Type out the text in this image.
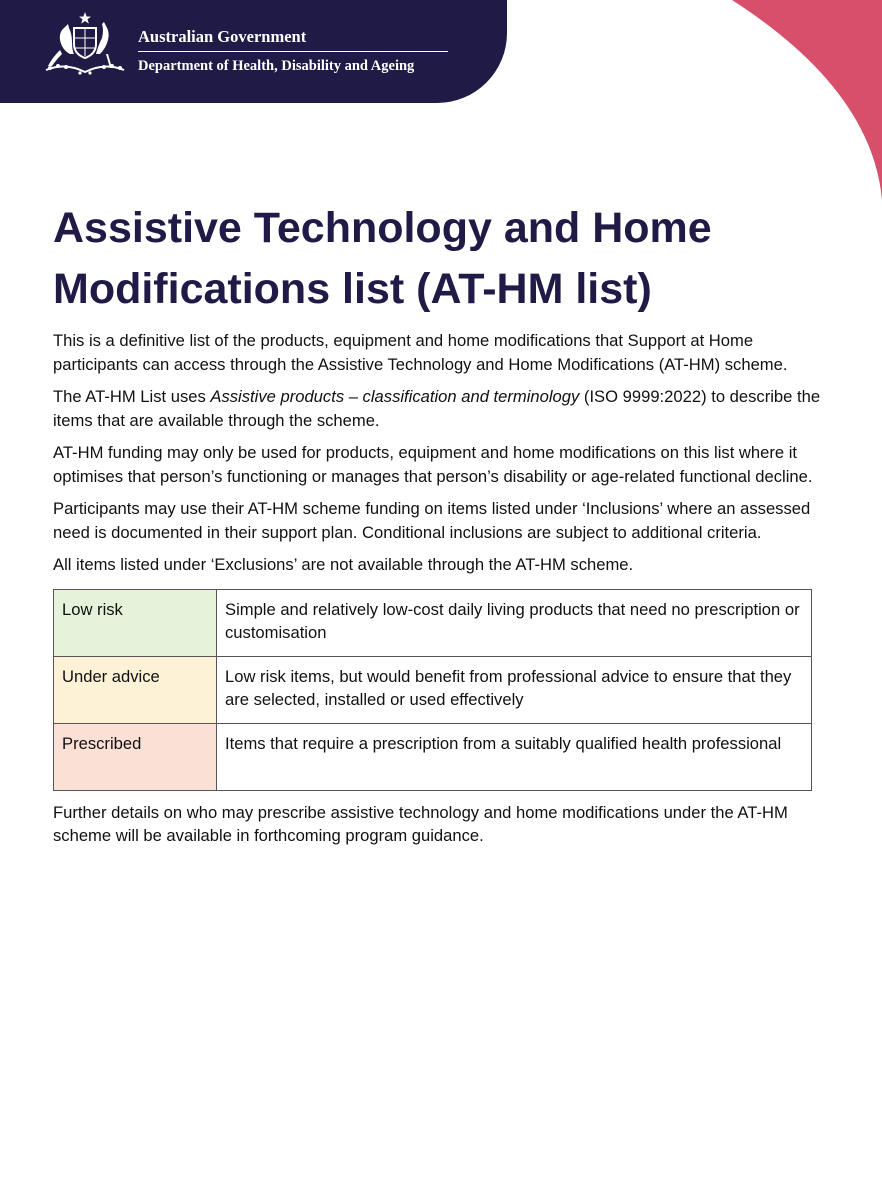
Australian Government
Department of Health, Disability and Ageing
Assistive Technology and Home Modifications list (AT-HM list)

This is a definitive list of the products, equipment and home modifications that Support at Home participants can access through the Assistive Technology and Home Modifications (AT-HM) scheme.

The AT-HM List uses Assistive products – classification and terminology (ISO 9999:2022) to describe the items that are available through the scheme.

AT-HM funding may only be used for products, equipment and home modifications on this list where it optimises that person’s functioning or manages that person’s disability or age-related functional decline.

Participants may use their AT-HM scheme funding on items listed under ‘Inclusions’ where an assessed need is documented in their support plan. Conditional inclusions are subject to additional criteria.

All items listed under ‘Exclusions’ are not available through the AT-HM scheme.

Low risk	Simple and relatively low-cost daily living products that need no prescription or customisation
Under advice	Low risk items, but would benefit from professional advice to ensure that they are selected, installed or used effectively
Prescribed	Items that require a prescription from a suitably qualified health professional

Further details on who may prescribe assistive technology and home modifications under the AT-HM scheme will be available in forthcoming program guidance.
